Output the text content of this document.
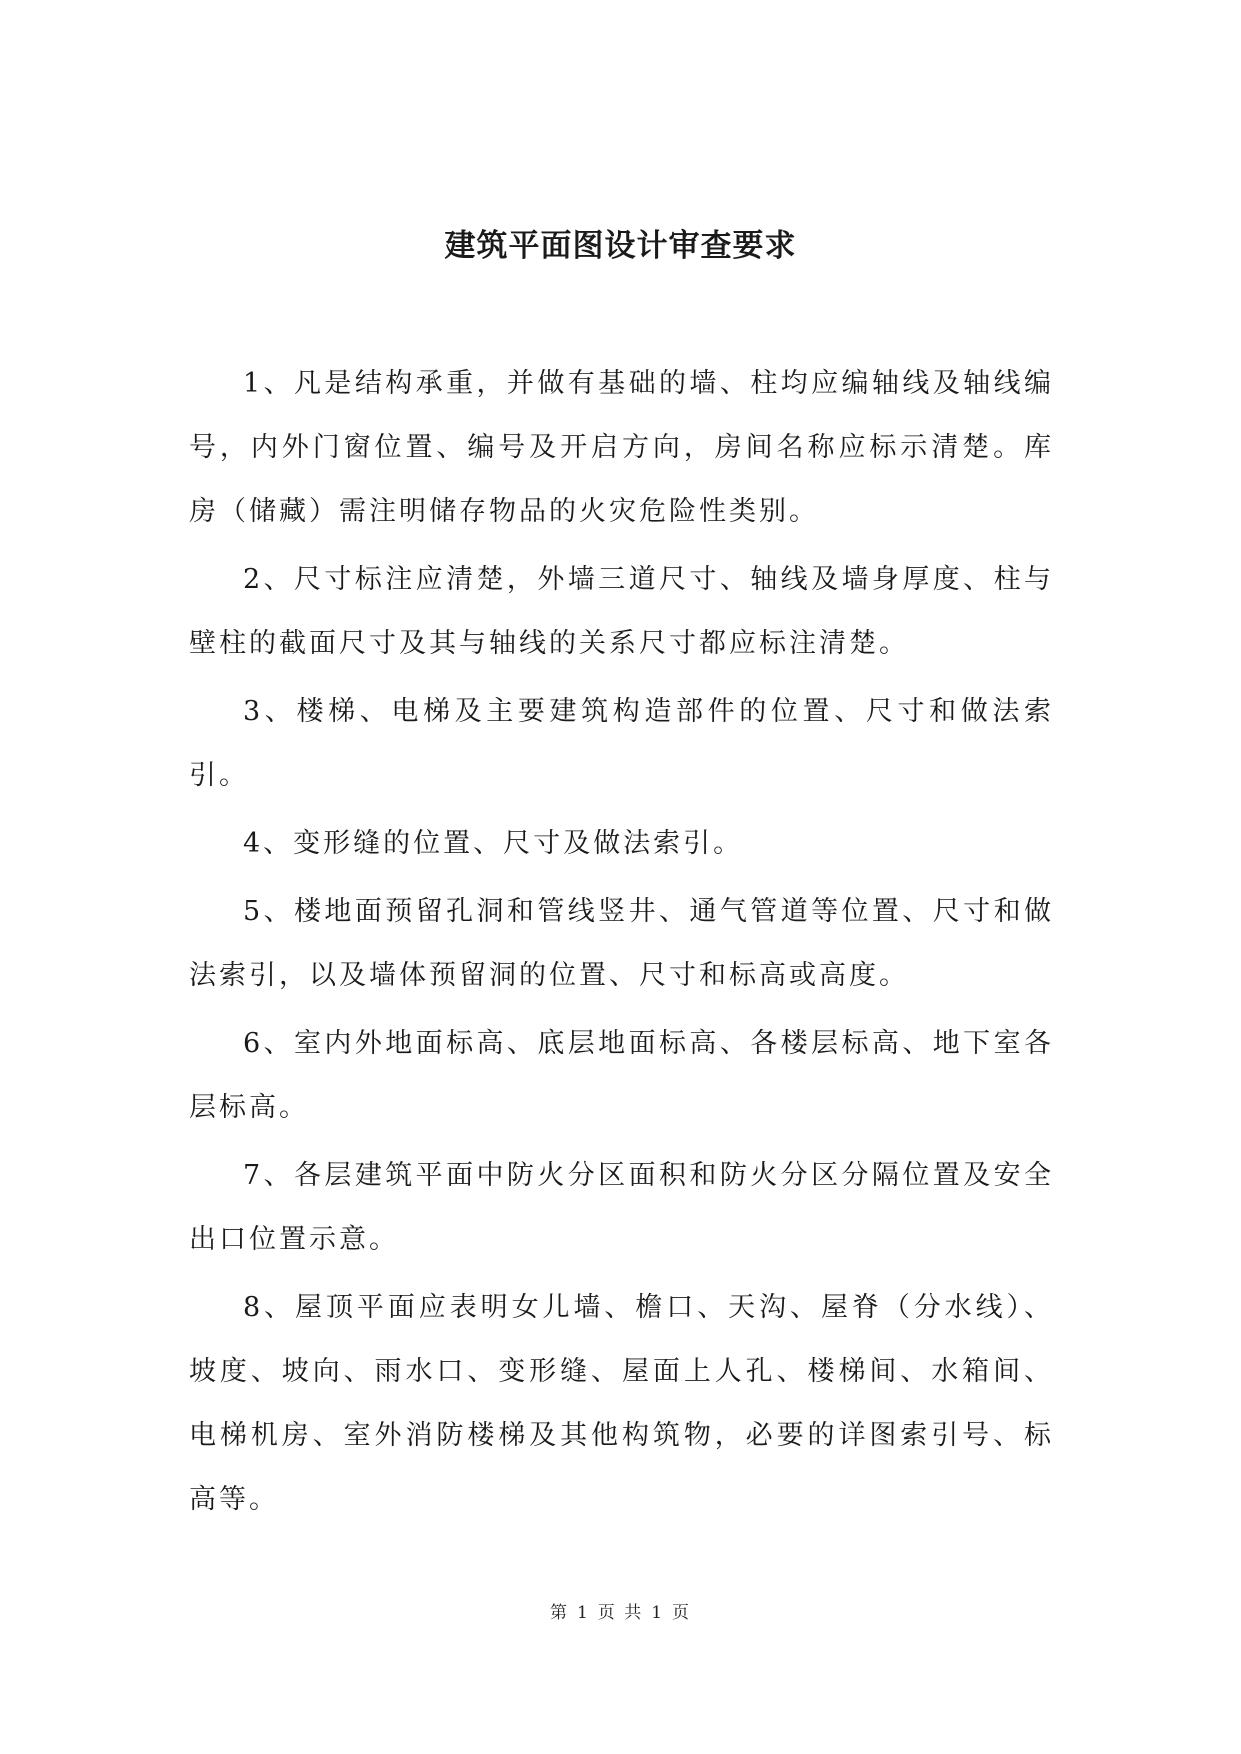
建筑平面图设计审查要求

1、凡是结构承重，并做有基础的墙、柱均应编轴线及轴线编号，内外门窗位置、编号及开启方向，房间名称应标示清楚。库房（储藏）需注明储存物品的火灾危险性类别。

2、尺寸标注应清楚，外墙三道尺寸、轴线及墙身厚度、柱与壁柱的截面尺寸及其与轴线的关系尺寸都应标注清楚。

3、楼梯、电梯及主要建筑构造部件的位置、尺寸和做法索引。

4、变形缝的位置、尺寸及做法索引。

5、楼地面预留孔洞和管线竖井、通气管道等位置、尺寸和做法索引，以及墙体预留洞的位置、尺寸和标高或高度。

6、室内外地面标高、底层地面标高、各楼层标高、地下室各层标高。

7、各层建筑平面中防火分区面积和防火分区分隔位置及安全出口位置示意。

8、屋顶平面应表明女儿墙、檐口、天沟、屋脊（分水线）、坡度、坡向、雨水口、变形缝、屋面上人孔、楼梯间、水箱间、电梯机房、室外消防楼梯及其他构筑物，必要的详图索引号、标高等。

第 1 页 共 1 页
